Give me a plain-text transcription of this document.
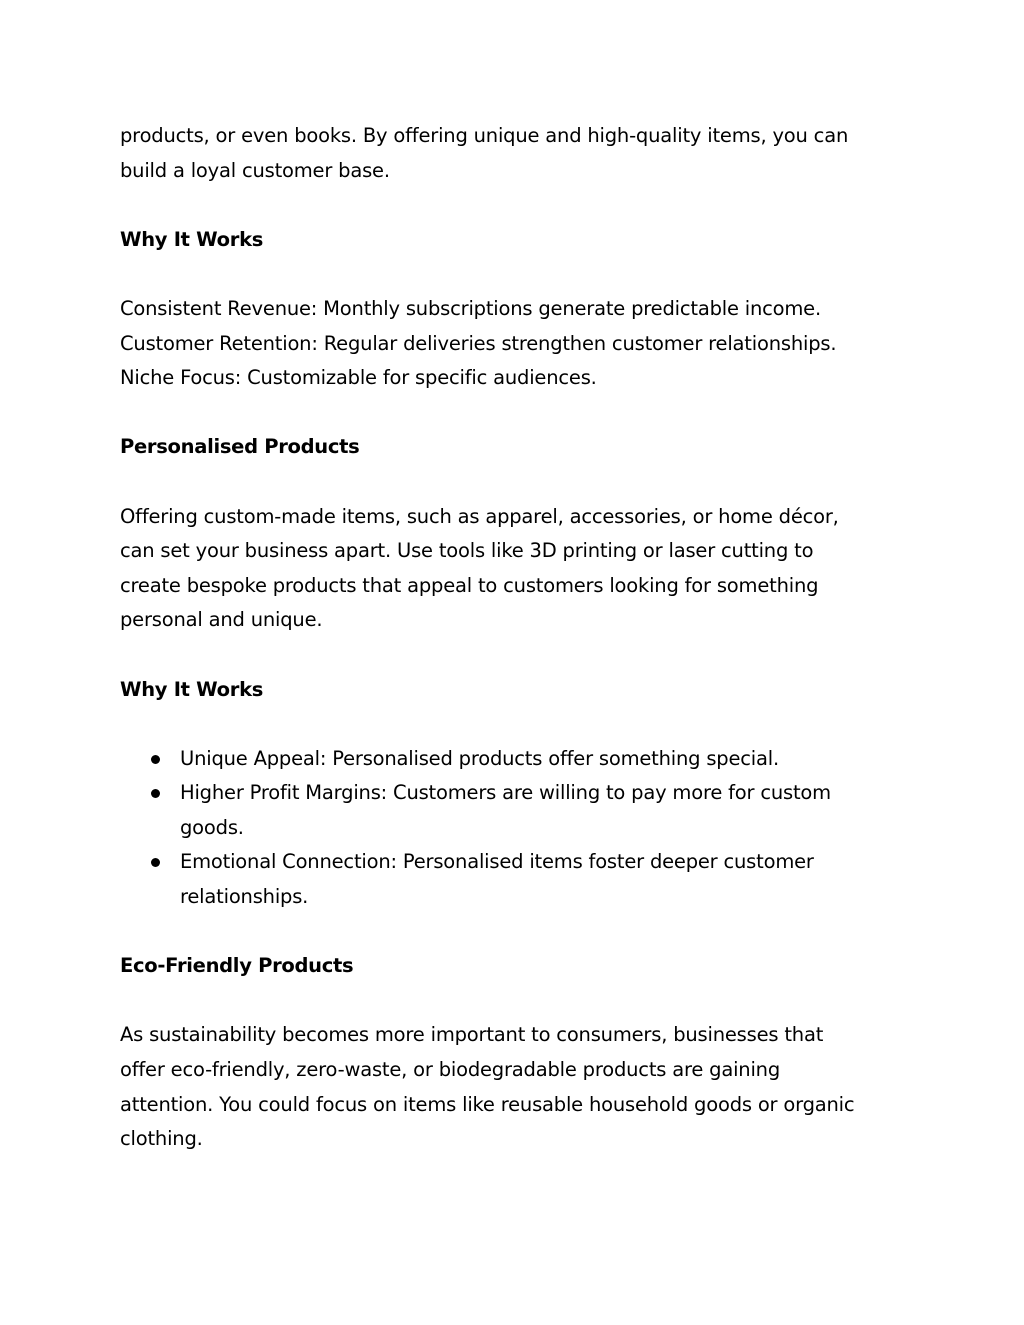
products, or even books. By offering unique and high-quality items, you can
build a loyal customer base.

Why It Works

Consistent Revenue: Monthly subscriptions generate predictable income.
Customer Retention: Regular deliveries strengthen customer relationships.
Niche Focus: Customizable for specific audiences.

Personalised Products

Offering custom-made items, such as apparel, accessories, or home décor,
can set your business apart. Use tools like 3D printing or laser cutting to
create bespoke products that appeal to customers looking for something
personal and unique.

Why It Works

Unique Appeal: Personalised products offer something special.
Higher Profit Margins: Customers are willing to pay more for custom
goods.
Emotional Connection: Personalised items foster deeper customer
relationships.

Eco-Friendly Products

As sustainability becomes more important to consumers, businesses that
offer eco-friendly, zero-waste, or biodegradable products are gaining
attention. You could focus on items like reusable household goods or organic
clothing.
